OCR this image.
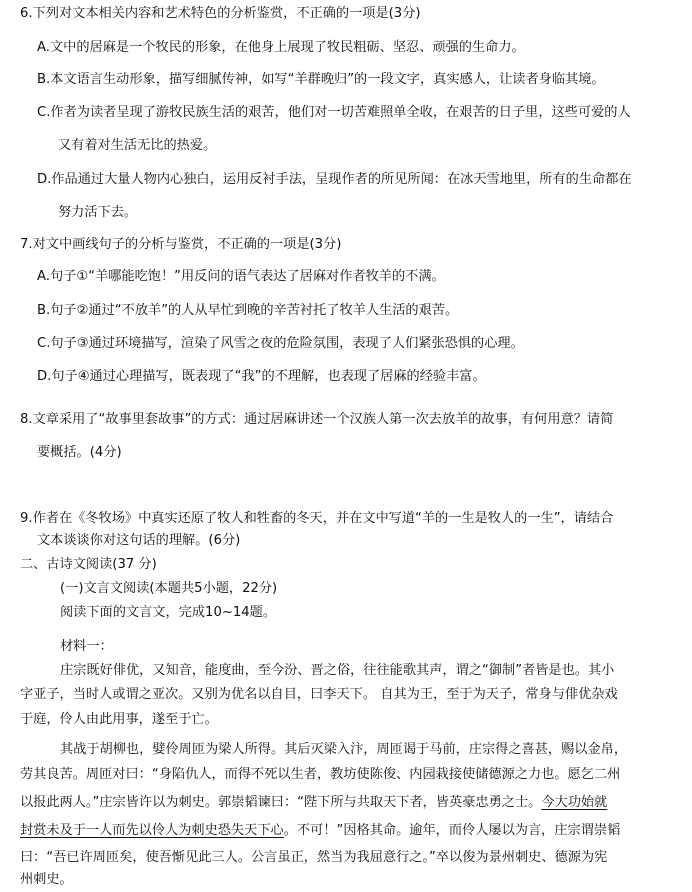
6.下列对文本相关内容和艺术特色的分析鉴赏，不正确的一项是(3分)
A.文中的居麻是一个牧民的形象，在他身上展现了牧民粗砺、坚忍、顽强的生命力。
B.本文语言生动形象，描写细腻传神，如写“羊群晚归”的一段文字，真实感人，让读者身临其境。
C.作者为读者呈现了游牧民族生活的艰苦，他们对一切苦难照单全收，在艰苦的日子里，这些可爱的人
又有着对生活无比的热爱。
D.作品通过大量人物内心独白，运用反衬手法，呈现作者的所见所闻：在冰天雪地里，所有的生命都在
努力活下去。
7.对文中画线句子的分析与鉴赏，不正确的一项是(3分)
A.句子①“羊哪能吃饱！”用反问的语气表达了居麻对作者牧羊的不满。
B.句子②通过“不放羊”的人从早忙到晚的辛苦衬托了牧羊人生活的艰苦。
C.句子③通过环境描写，渲染了风雪之夜的危险氛围，表现了人们紧张恐惧的心理。
D.句子④通过心理描写，既表现了“我”的不理解，也表现了居麻的经验丰富。
8.文章采用了“故事里套故事”的方式：通过居麻讲述一个汉族人第一次去放羊的故事，有何用意？请简
要概括。(4分)
9.作者在《冬牧场》中真实还原了牧人和牲畜的冬天，并在文中写道“羊的一生是牧人的一生”，请结合
文本谈谈你对这句话的理解。(6分)
二、古诗文阅读(37 分)
(一)文言文阅读(本题共5小题，22分)
阅读下面的文言文，完成10~14题。
材料一：
庄宗既好俳优，又知音，能度曲，至今汾、晋之俗，往往能歌其声，谓之“御制”者皆是也。其小
字亚子，当时人或谓之亚次。又别为优名以自目，曰李天下。 自其为王，至于为天子，常身与俳优杂戏
于庭，伶人由此用事，遂至于亡。
其战于胡柳也，嬖伶周匝为梁人所得。其后灭梁入汴，周匝谒于马前，庄宗得之喜甚，赐以金帛，
劳其良苦。周匝对曰：“身陷仇人，而得不死以生者，教坊使陈俊、内园栽接使储德源之力也。愿乞二州
以报此两人。”庄宗皆许以为刺史。郭崇韬谏曰：“陛下所与共取天下者，皆英豪忠勇之士。今大功始就
封赏未及于一人而先以伶人为刺史恐失天下心。不可！”因格其命。逾年，而伶人屡以为言，庄宗谓崇韬
曰：“吾已许周匝矣，使吾惭见此三人。公言虽正，然当为我屈意行之。”卒以俊为景州刺史、德源为宪
州刺史。
